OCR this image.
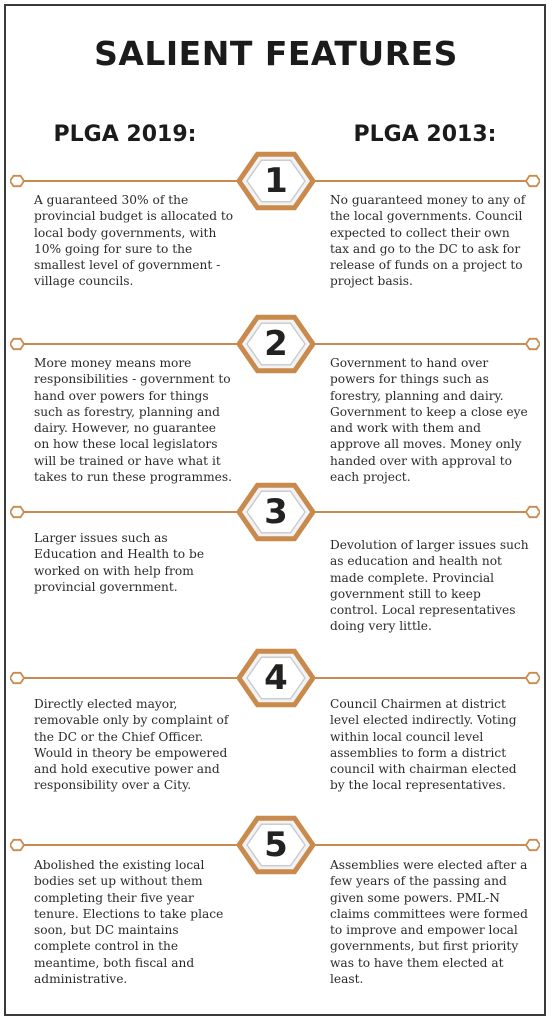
SALIENT FEATURES
PLGA 2019:	PLGA 2013:
1
A guaranteed 30% of the provincial budget is allocated to local body governments, with 10% going for sure to the smallest level of government - village councils.
No guaranteed money to any of the local governments. Council expected to collect their own tax and go to the DC to ask for release of funds on a project to project basis.
2
More money means more responsibilities - government to hand over powers for things such as forestry, planning and dairy. However, no guarantee on how these local legislators will be trained or have what it takes to run these programmes.
Government to hand over powers for things such as forestry, planning and dairy. Government to keep a close eye and work with them and approve all moves. Money only handed over with approval to each project.
3
Larger issues such as Education and Health to be worked on with help from provincial government.
Devolution of larger issues such as education and health not made complete. Provincial government still to keep control. Local representatives doing very little.
4
Directly elected mayor, removable only by complaint of the DC or the Chief Officer. Would in theory be empowered and hold executive power and responsibility over a City.
Council Chairmen at district level elected indirectly. Voting within local council level assemblies to form a district council with chairman elected by the local representatives.
5
Abolished the existing local bodies set up without them completing their five year tenure. Elections to take place soon, but DC maintains complete control in the meantime, both fiscal and administrative.
Assemblies were elected after a few years of the passing and given some powers. PML-N claims committees were formed to improve and empower local governments, but first priority was to have them elected at least.
